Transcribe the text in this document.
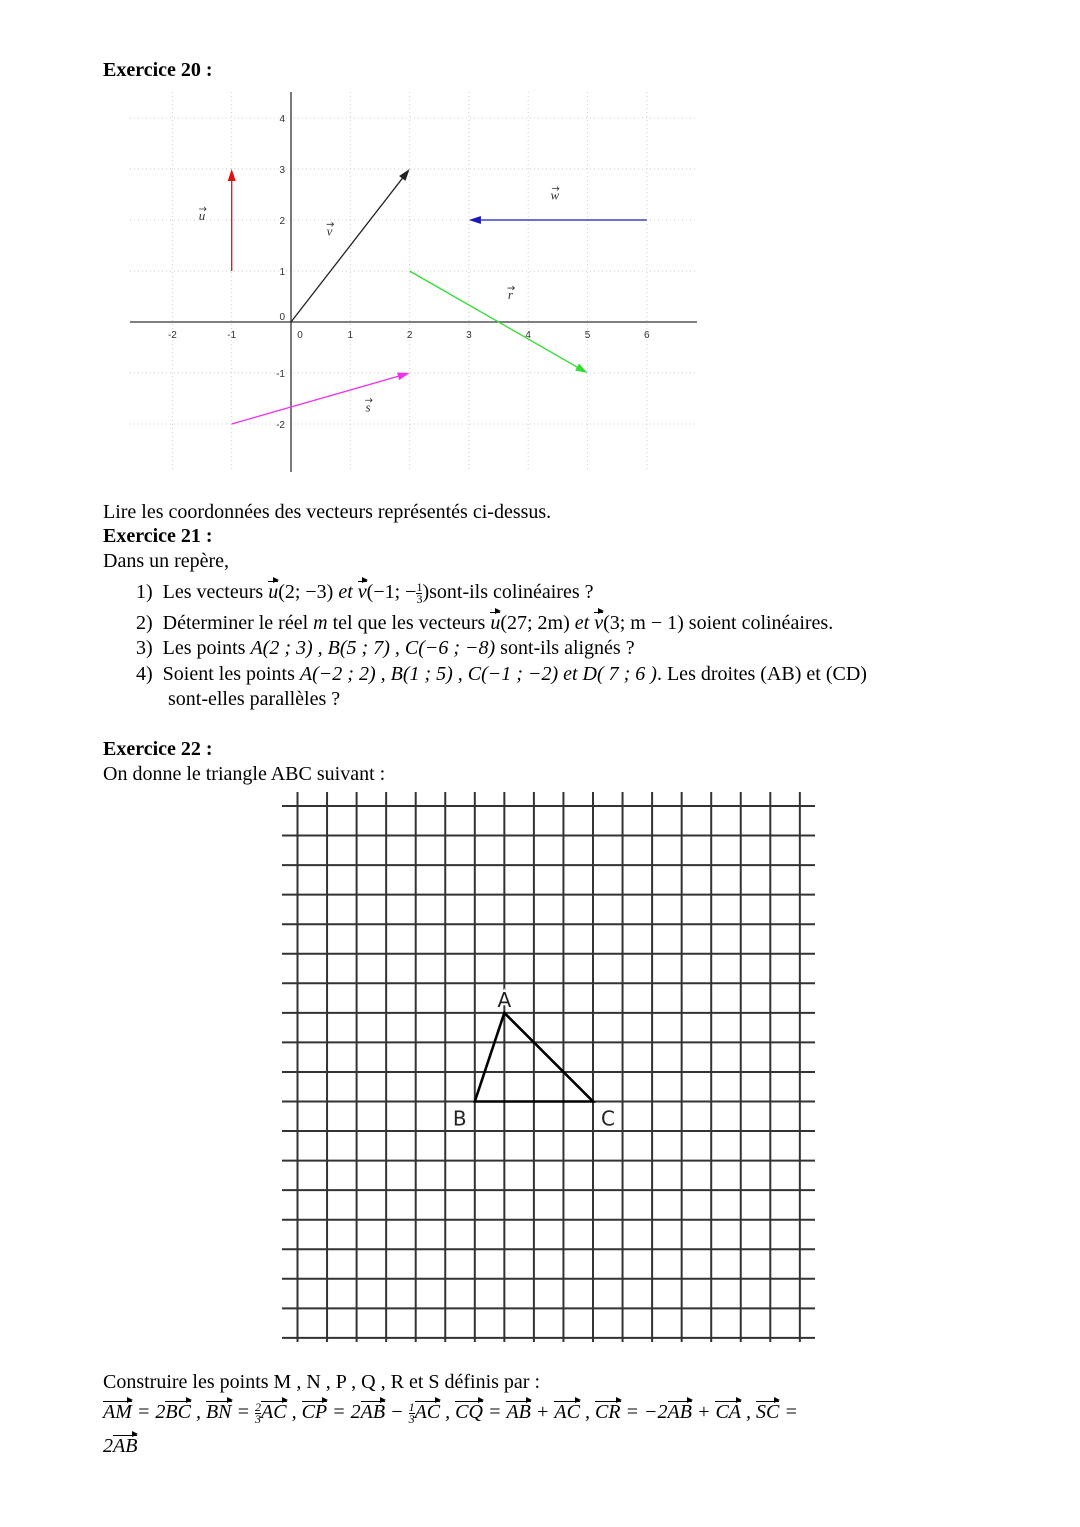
Exercice 20 :
-2	-1	0	1	2	3	4	5	6
-2
-1
0
1
2
3
4
u
v
w
r
s
Lire les coordonnées des vecteurs représentés ci-dessus.
Exercice 21 :
Dans un repère,
1) Les vecteurs u(2; −3) et v(−1; − $\frac{1}{3}$ )sont-ils colinéaires ?
2) Déterminer le réel m tel que les vecteurs u(27; 2m) et v(3; m − 1) soient colinéaires.
3) Les points A(2 ; 3) , B(5 ; 7) , C(−6 ; −8) sont-ils alignés ?
4) Soient les points A(−2 ; 2) , B(1 ; 5) , C(−1 ; −2) et D( 7 ; 6 ). Les droites (AB) et (CD)
sont-elles parallèles ?
Exercice 22 :
On donne le triangle ABC suivant :
A
B	C
Construire les points M , N , P , Q , R et S définis par :
AM = 2BC , BN = $\frac{2}{3}$ AC , CP = $2AB - \frac{1}{3}$ AC , CQ = AB + AC , CR = −2AB + CA , SC =
2AB
